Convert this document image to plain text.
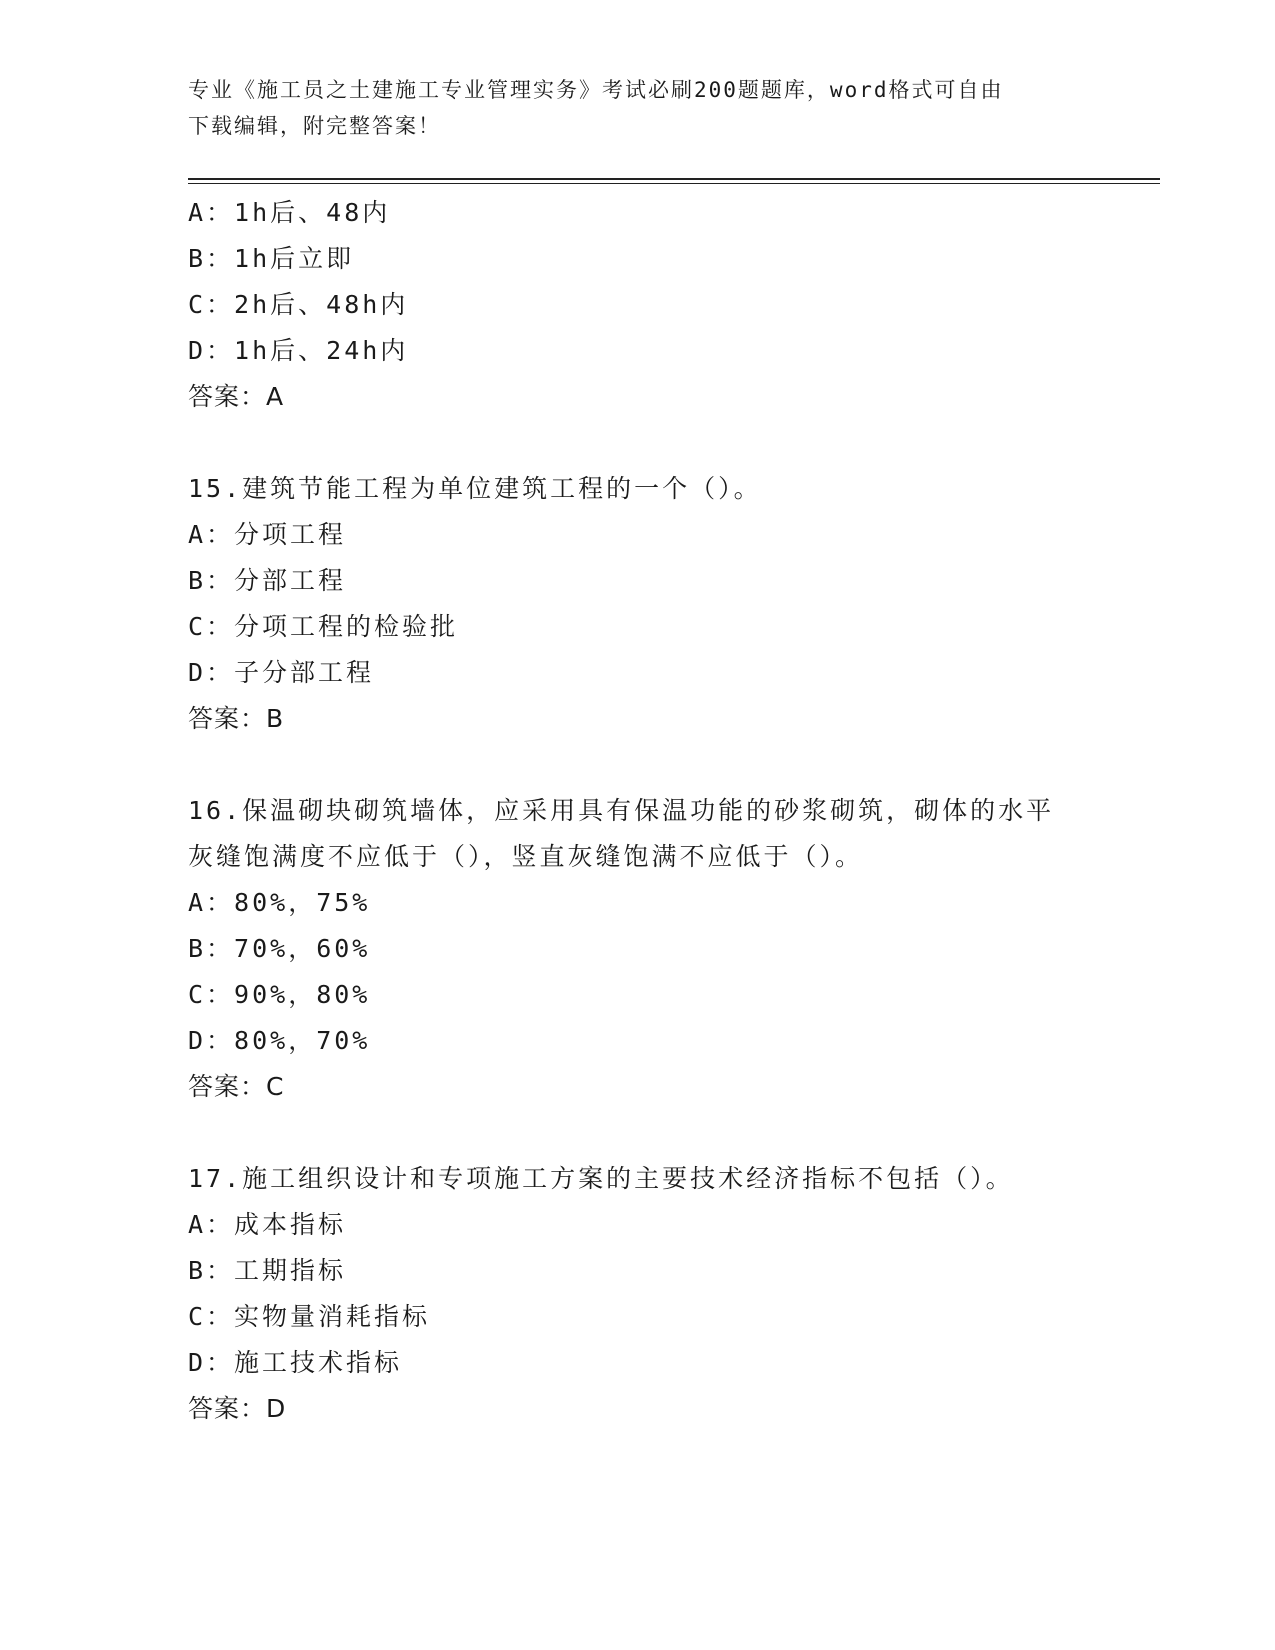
专业《施工员之土建施工专业管理实务》考试必刷200题题库，word格式可自由
下载编辑，附完整答案！
A：1h后、48内
B：1h后立即
C：2h后、48h内
D：1h后、24h内
答案：A
15.建筑节能工程为单位建筑工程的一个（）。
A：分项工程
B：分部工程
C：分项工程的检验批
D：子分部工程
答案：B
16.保温砌块砌筑墙体，应采用具有保温功能的砂浆砌筑，砌体的水平
灰缝饱满度不应低于（），竖直灰缝饱满不应低于（）。
A：80%，75%
B：70%，60%
C：90%，80%
D：80%，70%
答案：C
17.施工组织设计和专项施工方案的主要技术经济指标不包括（）。
A：成本指标
B：工期指标
C：实物量消耗指标
D：施工技术指标
答案：D
